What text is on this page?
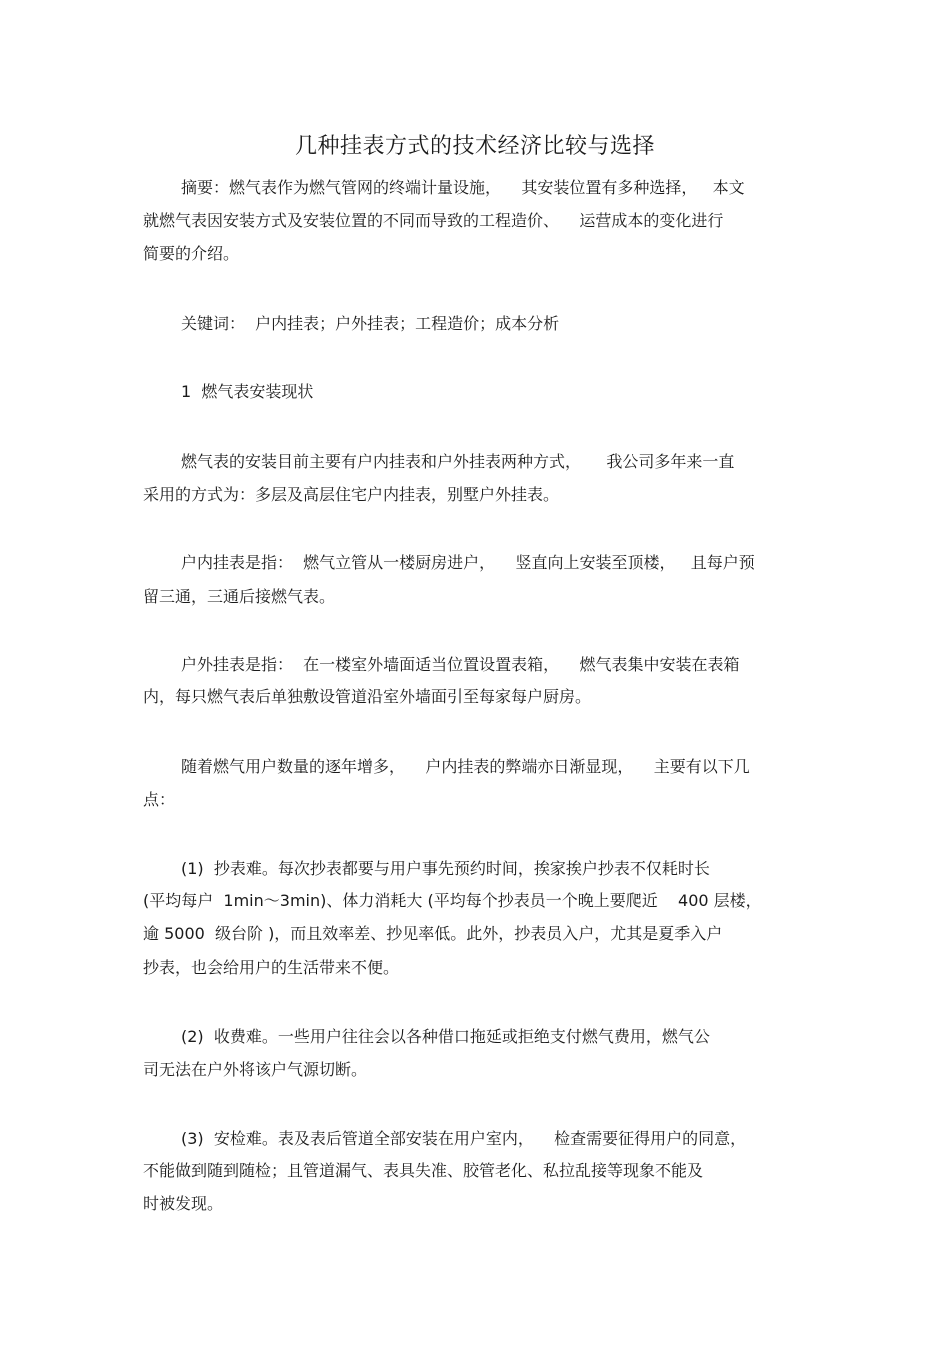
几种挂表方式的技术经济比较与选择

摘要：燃气表作为燃气管网的终端计量设施，    其安装位置有多种选择，   本文

就燃气表因安装方式及安装位置的不同而导致的工程造价、    运营成本的变化进行

简要的介绍。

关键词：  户内挂表；户外挂表；工程造价；成本分析

1  燃气表安装现状

燃气表的安装目前主要有户内挂表和户外挂表两种方式，     我公司多年来一直

采用的方式为：多层及高层住宅户内挂表，别墅户外挂表。

户内挂表是指：  燃气立管从一楼厨房进户，    竖直向上安装至顶楼，   且每户预

留三通，三通后接燃气表。

户外挂表是指：  在一楼室外墙面适当位置设置表箱，    燃气表集中安装在表箱

内，每只燃气表后单独敷设管道沿室外墙面引至每家每户厨房。

随着燃气用户数量的逐年增多，    户内挂表的弊端亦日渐显现，    主要有以下几

点：

(1)  抄表难。每次抄表都要与用户事先预约时间，挨家挨户抄表不仅耗时长

(平均每户  1min～3min)、体力消耗大 (平均每个抄表员一个晚上要爬近    400 层楼，

逾 5000  级台阶 )，而且效率差、抄见率低。此外，抄表员入户，尤其是夏季入户

抄表，也会给用户的生活带来不便。

(2)  收费难。一些用户往往会以各种借口拖延或拒绝支付燃气费用，燃气公

司无法在户外将该户气源切断。

(3)  安检难。表及表后管道全部安装在用户室内，    检查需要征得用户的同意，

不能做到随到随检；且管道漏气、表具失准、胶管老化、私拉乱接等现象不能及

时被发现。
